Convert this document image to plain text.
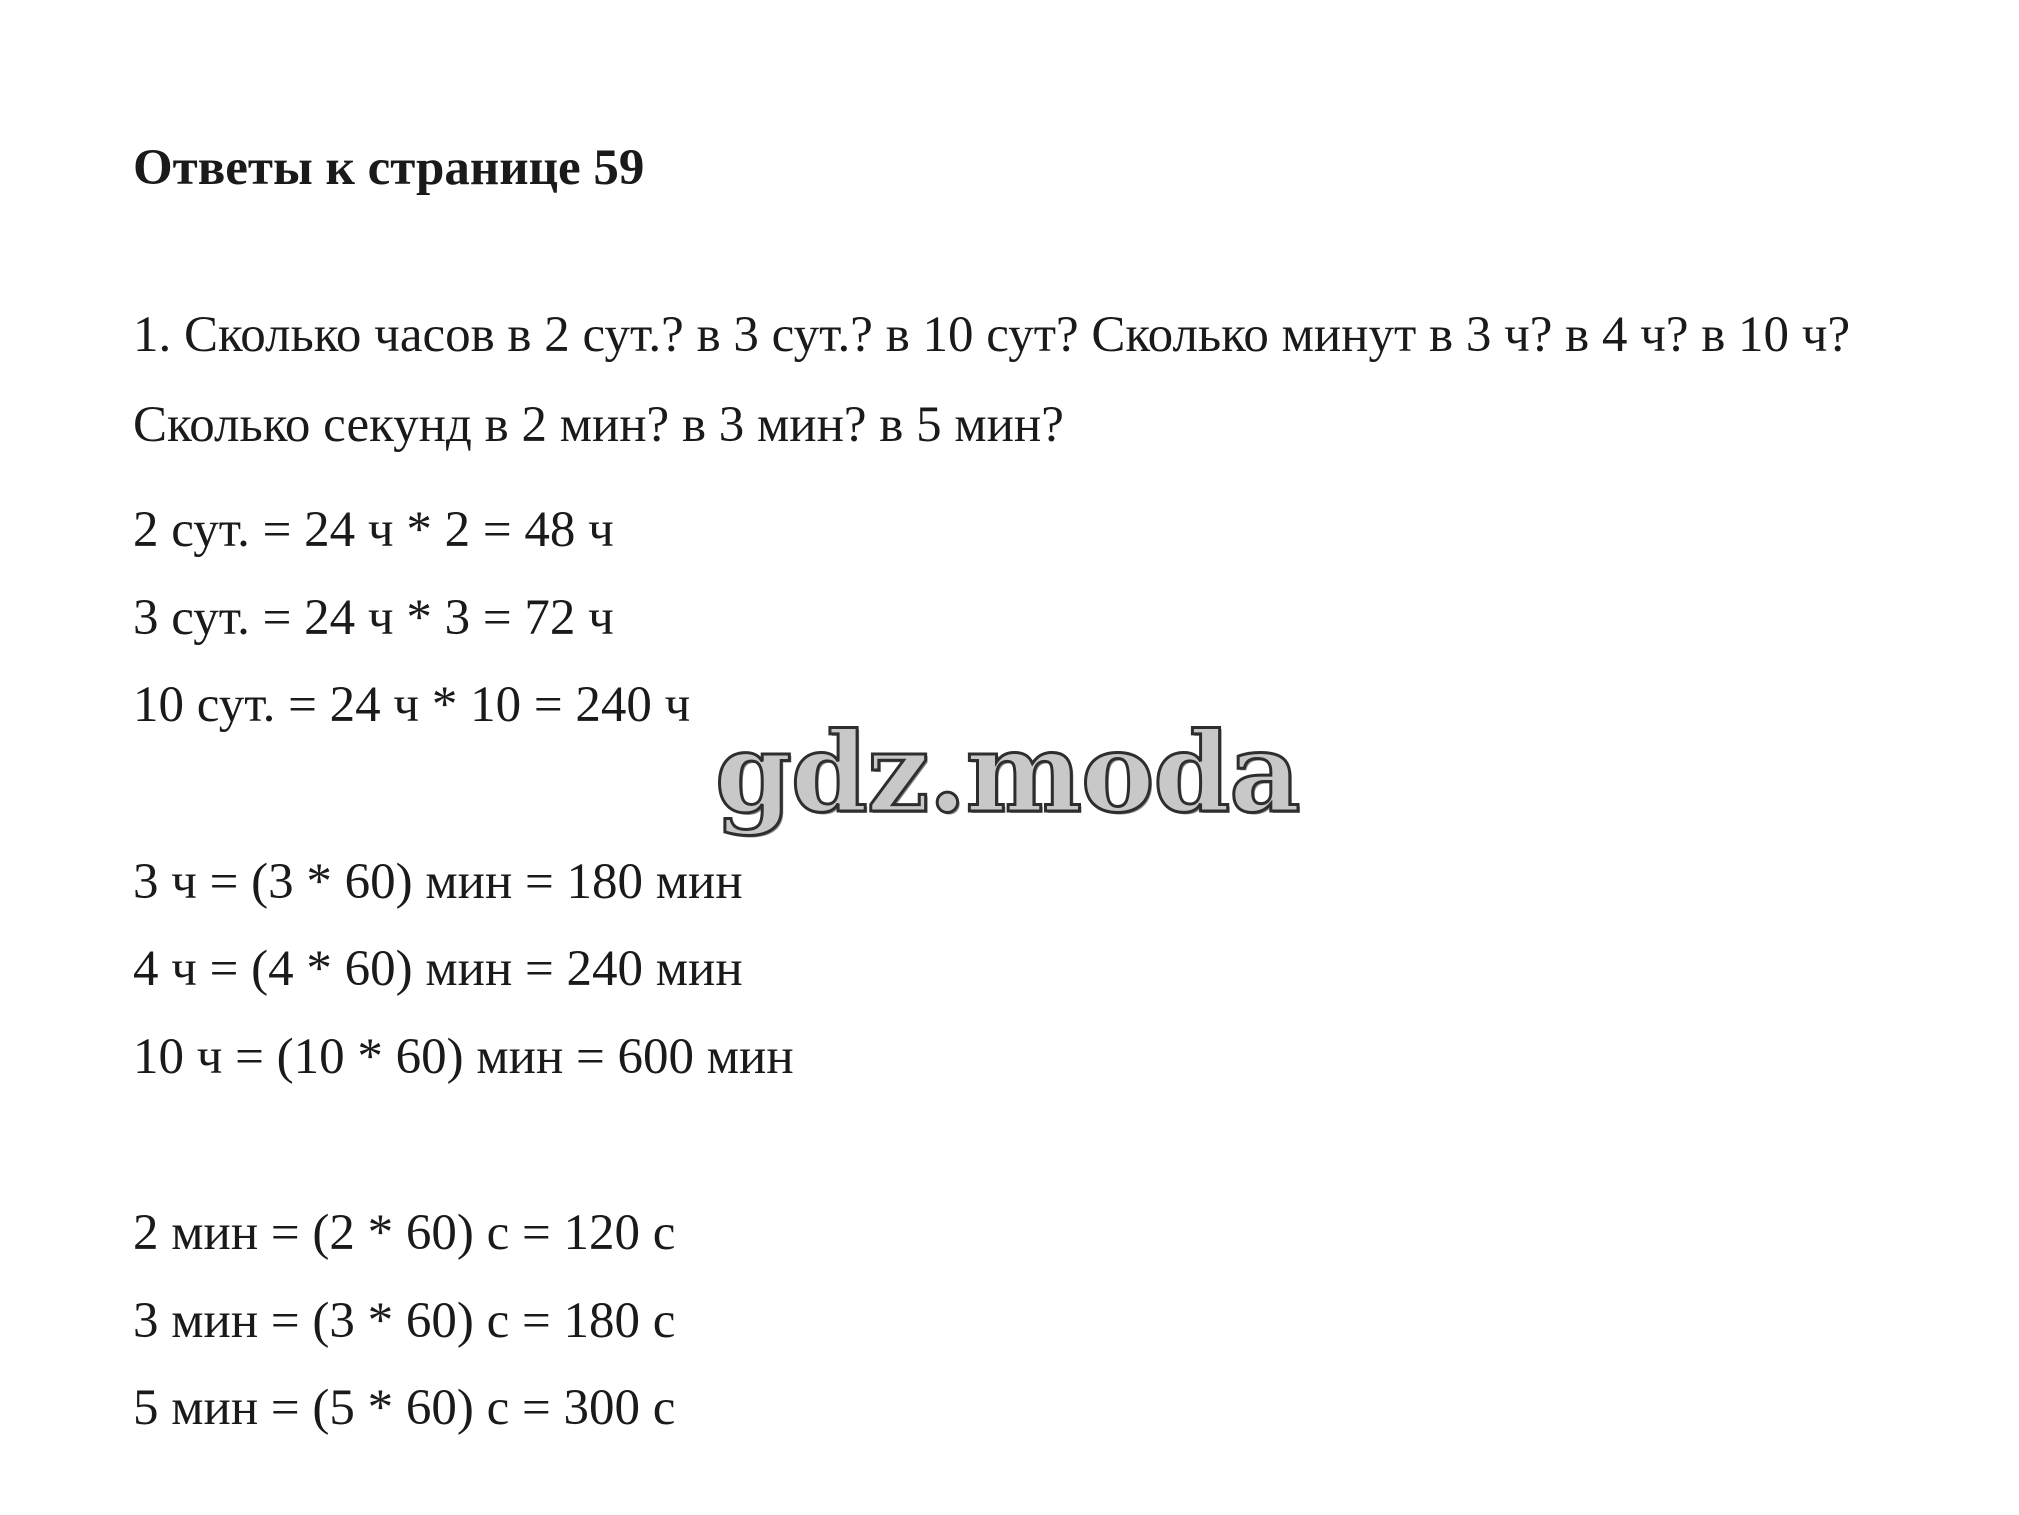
Ответы к странице 59
1. Сколько часов в 2 сут.? в 3 сут.? в 10 сут? Сколько минут в 3 ч? в 4 ч? в 10 ч? Сколько секунд в 2 мин? в 3 мин? в 5 мин?
2 сут. = 24 ч * 2 = 48 ч
3 сут. = 24 ч * 3 = 72 ч
10 сут. = 24 ч * 10 = 240 ч
gdz.moda
3 ч = (3 * 60) мин = 180 мин
4 ч = (4 * 60) мин = 240 мин
10 ч = (10 * 60) мин = 600 мин
2 мин = (2 * 60) с = 120 с
3 мин = (3 * 60) с = 180 с
5 мин = (5 * 60) с = 300 с
